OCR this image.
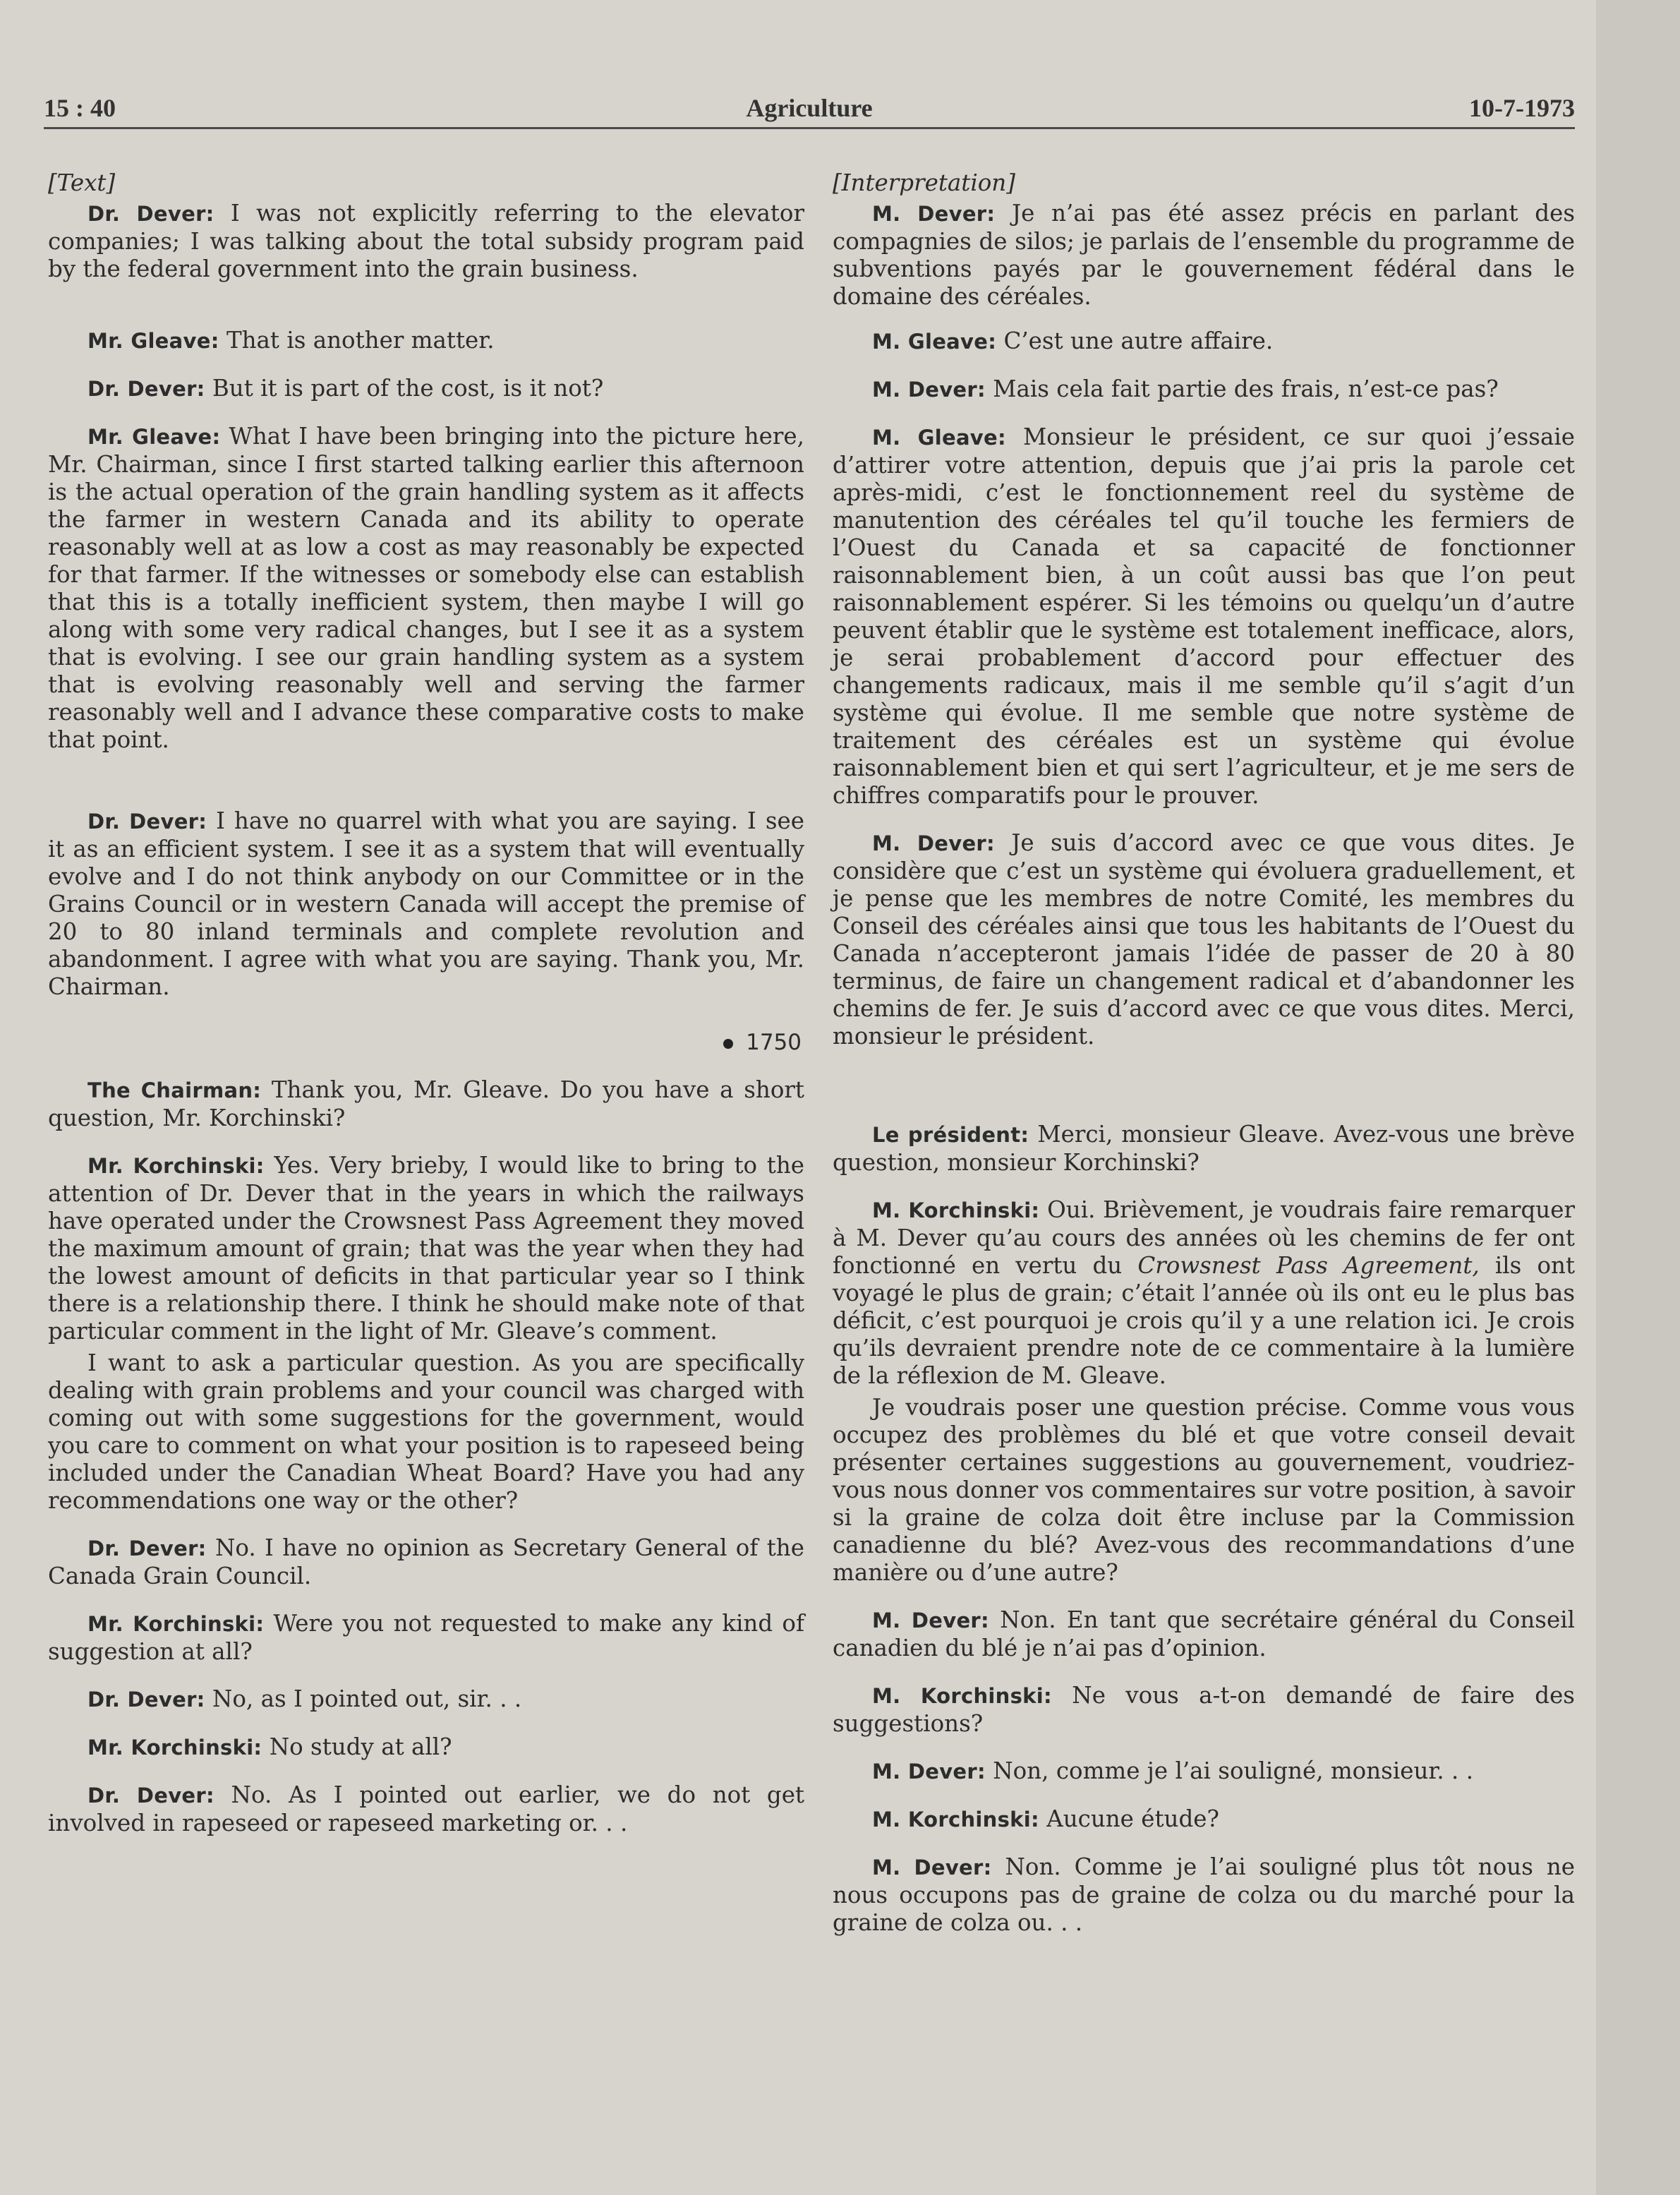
15 : 40	Agriculture	10-7-1973

[Text]

Dr. Dever: I was not explicitly referring to the elevator companies; I was talking about the total subsidy program paid by the federal government into the grain business.

Mr. Gleave: That is another matter.

Dr. Dever: But it is part of the cost, is it not?

Mr. Gleave: What I have been bringing into the picture here, Mr. Chairman, since I first started talking earlier this afternoon is the actual operation of the grain handling system as it affects the farmer in western Canada and its ability to operate reasonably well at as low a cost as may reasonably be expected for that farmer. If the witnesses or somebody else can establish that this is a totally inefficient system, then maybe I will go along with some very radical changes, but I see it as a system that is evolving. I see our grain handling system as a system that is evolving reasonably well and serving the farmer reasonably well and I advance these comparative costs to make that point.

Dr. Dever: I have no quarrel with what you are saying. I see it as an efficient system. I see it as a system that will eventually evolve and I do not think anybody on our Committee or in the Grains Council or in western Canada will accept the premise of 20 to 80 inland terminals and complete revolution and abandonment. I agree with what you are saying. Thank you, Mr. Chairman.

1750

The Chairman: Thank you, Mr. Gleave. Do you have a short question, Mr. Korchinski?

Mr. Korchinski: Yes. Very brieby, I would like to bring to the attention of Dr. Dever that in the years in which the railways have operated under the Crowsnest Pass Agreement they moved the maximum amount of grain; that was the year when they had the lowest amount of deficits in that particular year so I think there is a relationship there. I think he should make note of that particular comment in the light of Mr. Gleave’s comment.

I want to ask a particular question. As you are specifically dealing with grain problems and your council was charged with coming out with some suggestions for the government, would you care to comment on what your position is to rapeseed being included under the Canadian Wheat Board? Have you had any recommendations one way or the other?

Dr. Dever: No. I have no opinion as Secretary General of the Canada Grain Council.

Mr. Korchinski: Were you not requested to make any kind of suggestion at all?

Dr. Dever: No, as I pointed out, sir. . .

Mr. Korchinski: No study at all?

Dr. Dever: No. As I pointed out earlier, we do not get involved in rapeseed or rapeseed marketing or. . .

[Interpretation]

M. Dever: Je n’ai pas été assez précis en parlant des compagnies de silos; je parlais de l’ensemble du programme de subventions payés par le gouvernement fédéral dans le domaine des céréales.

M. Gleave: C’est une autre affaire.

M. Dever: Mais cela fait partie des frais, n’est-ce pas?

M. Gleave: Monsieur le président, ce sur quoi j’essaie d’attirer votre attention, depuis que j’ai pris la parole cet après-midi, c’est le fonctionnement reel du système de manutention des céréales tel qu’il touche les fermiers de l’Ouest du Canada et sa capacité de fonctionner raisonnablement bien, à un coût aussi bas que l’on peut raisonnablement espérer. Si les témoins ou quelqu’un d’autre peuvent établir que le système est totalement inefficace, alors, je serai probablement d’accord pour effectuer des changements radicaux, mais il me semble qu’il s’agit d’un système qui évolue. Il me semble que notre système de traitement des céréales est un système qui évolue raisonnablement bien et qui sert l’agriculteur, et je me sers de chiffres comparatifs pour le prouver.

M. Dever: Je suis d’accord avec ce que vous dites. Je considère que c’est un système qui évoluera graduellement, et je pense que les membres de notre Comité, les membres du Conseil des céréales ainsi que tous les habitants de l’Ouest du Canada n’accepteront jamais l’idée de passer de 20 à 80 terminus, de faire un changement radical et d’abandonner les chemins de fer. Je suis d’accord avec ce que vous dites. Merci, monsieur le président.

Le président: Merci, monsieur Gleave. Avez-vous une brève question, monsieur Korchinski?

M. Korchinski: Oui. Brièvement, je voudrais faire remarquer à M. Dever qu’au cours des années où les chemins de fer ont fonctionné en vertu du Crowsnest Pass Agreement, ils ont voyagé le plus de grain; c’était l’année où ils ont eu le plus bas déficit, c’est pourquoi je crois qu’il y a une relation ici. Je crois qu’ils devraient prendre note de ce commentaire à la lumière de la réflexion de M. Gleave.

Je voudrais poser une question précise. Comme vous vous occupez des problèmes du blé et que votre conseil devait présenter certaines suggestions au gouvernement, voudriez-vous nous donner vos commentaires sur votre position, à savoir si la graine de colza doit être incluse par la Commission canadienne du blé? Avez-vous des recommandations d’une manière ou d’une autre?

M. Dever: Non. En tant que secrétaire général du Conseil canadien du blé je n’ai pas d’opinion.

M. Korchinski: Ne vous a-t-on demandé de faire des suggestions?

M. Dever: Non, comme je l’ai souligné, monsieur. . .

M. Korchinski: Aucune étude?

M. Dever: Non. Comme je l’ai souligné plus tôt nous ne nous occupons pas de graine de colza ou du marché pour la graine de colza ou. . .
